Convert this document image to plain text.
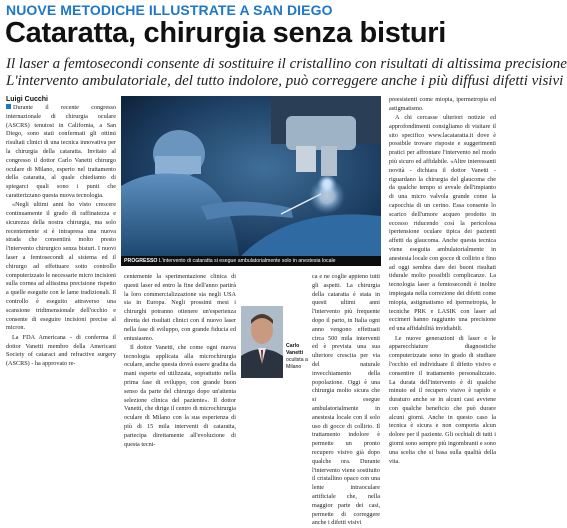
NUOVE METODICHE ILLUSTRATE A SAN DIEGO
Cataratta, chirurgia senza bisturi

Il laser a femtosecondi consente di sostituire il cristallino con risultati di altissima precisione

L'intervento ambulatoriale, del tutto indolore, può correggere anche i più diffusi difetti visivi

Luigi Cucchi

Durante il recente congresso internazionale di chirurgia oculare (ASCRS) tenutosi in California, a San Diego, sono stati confermati gli ottimi risultati clinici di una tecnica innovativa per la chirurgia della cataratta. Invitato al congresso il dottor Carlo Vanetti chirurgo oculare di Milano, esperto nel trattamento della cataratta, al quale chiediamo di spiegarci quali sono i punti che caratterizzano questa nuova tecnologia.

«Negli ultimi anni ho visto crescere continuamente il grado di raffinatezza e sicurezza della nostra chirurgia, ma solo recentemente si è intrapresa una nuova strada che consentirà molto presto l'intervento chirurgico senza bisturi. I nuovi laser a femtosecondi al sistema ed il chirurgo ad effettuare sotto controllo computerizzato le necessarie micro incisioni sulla cornea ad altissima precisione rispetto a quelle eseguite con le lame tradizionali. Il controllo è eseguito attraverso una scansione tridimensionale dell'occhio e consente di eseguire incisioni precise al micron.

La FDA Americana - di conferma il dottor Vanetti membro della Americani Society of cataract and refractive surgery (ASCRS) - ha approvato re-

PROGRESSO L'intervento di cataratta si esegue ambulatorialmente solo in anestesia locale

centemente la sperimentazione clinica di questi laser ed entro la fine dell'anno partirà la loro commercializzazione sia negli USA sia in Europa. Negli prossimi mesi i chirurghi potranno ottenere un'esperienza diretta dei risultati clinici con il nuovo laser nella fase di sviluppo, con grande fiducia ed entusiasmo.

Il dottor Vanetti, che come ogni nuova tecnologia applicata alla microchirurgia oculare, anche questa dovrà essere gradita da mani esperte ed utilizzata, soprattutto nella prima fase di sviluppo, con grande buon senso da parte del chirurgo dopo un'attenta selezione clinica del paziente». Il dottor Vanetti, che dirige il centro di microchirurgia oculare di Milano con la sua esperienza di più di 15 mila interventi di cataratta, partecipa direttamente all'evoluzione di questa tecni-

Carlo Vanetti
oculista a Milano

ca e ne coglie appieno tutti gli aspetti. La chirurgia della cataratta è stata in questi ultimi anni l'intervento più frequente dopo il parto, in Italia ogni anno vengono effettuati circa 500 mila interventi ed è prevista una sua ulteriore crescita per via del naturale invecchiamento della popolazione. Oggi è una chirurgia molto sicura che si esegue ambulatorialmente in anestesia locale con il solo uso di gocce di collirio. Il trattamento indolore è permette un pronto recupero visivo già dopo qualche ora. Durante l'intervento viene sostituito il cristallino opaco con una lente intraoculare artificiale che, nella maggior parte dei casi, permette di correggere anche i difetti visivi

preesistenti come miopia, ipermetropia ed astigmatismo.

A chi cercasse ulteriori notizie ed approfondimenti consigliamo di visitare il sito specifico www.lacataratta.it dove è possibile trovare risposte e suggerimenti pratici per affrontare l'intervento nel modo più sicuro ed affidabile. «Altre interessanti novità - dichiara il dottor Vanetti - riguardano la chirurgia del glaucoma che da qualche tempo si avvale dell'impianto di una micro valvola grande come la capocchia di un cerino. Essa consente lo scarico dell'umore acqueo prodotto in eccesso riducendo così la pericolosa ipertensione oculare tipica dei pazienti affetti da glaucoma. Anche questa tecnica viene eseguita ambulatorialmente in anestesia locale con gocce di collirio e fino ad oggi sembra dare dei buoni risultati tidurale molto possibili complicanze. La tecnologia laser a femtosecondi è inoltre impiegata nella correzione dei difetti come miopia, astigmatismo ed ipermetropia, le tecniche PRK e LASIK con laser ad eccimeri hanno raggiunto una precisione ed una affidabilità invidiabili.

Le nuove generazioni di laser e le apparecchiature diagnostiche computerizzate sono in grado di studiare l'occhio ed individuare il difetto visivo e consentire il trattamento personalizzato. La durata dell'intervento è di qualche minuto ed il recupero visivo è rapido e duraturo anche se in alcuni casi avviene con qualche beneficio che può durare alcuni giorni. Anche in questo caso la tecnica è sicura e non comporta alcun dolore per il paziente. Gli occhiali di tutti i giorni sono sempre più ingombranti e sono una scelta che si basa sulla qualità della vita.
